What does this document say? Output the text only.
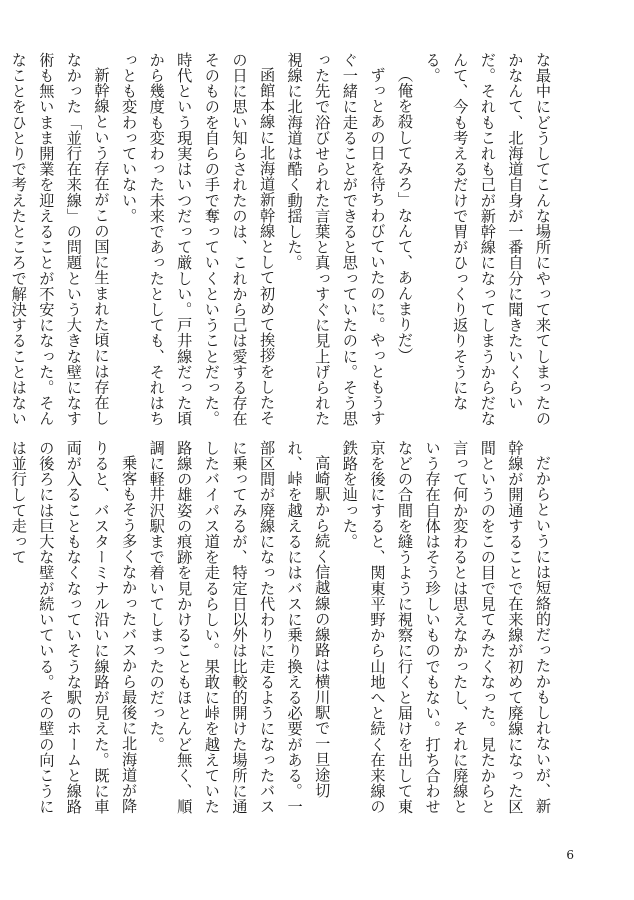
な最中にどうしてこんな場所にやって来てしまったのかなんて、北海道自身が一番自分に聞きたいくらいだ。それもこれも己が新幹線になってしまうからだなんて、今も考えるだけで胃がひっくり返りそうになる。

（俺を殺してみろ」なんて、あんまりだ）

ずっとあの日を待ちわびていたのに。やっともうすぐ一緒に走ることができると思っていたのに。そう思った先で浴びせられた言葉と真っすぐに見上げられた視線に北海道は酷く動揺した。

函館本線に北海道新幹線として初めて挨拶をしたその日に思い知らされたのは、これから己は愛する存在そのものを自らの手で奪っていくということだった。時代という現実はいつだって厳しい。戸井線だった頃から幾度も変わった未来であったとしても、それはちっとも変わっていない。

新幹線という存在がこの国に生まれた頃には存在しなかった「並行在来線」の問題という大きな壁になす術も無いまま開業を迎えることが不安になった。そんなことをひとりで考えたところで解決することはない

だからというには短絡的だったかもしれないが、新幹線が開通することで在来線が初めて廃線になった区間というのをこの目で見てみたくなった。見たからと言って何か変わるとは思えなかったし、それに廃線という存在自体はそう珍しいものでもない。打ち合わせなどの合間を縫うように視察に行くと届けを出して東京を後にすると、関東平野から山地へと続く在来線の鉄路を辿った。

高崎駅から続く信越線の線路は横川駅で一旦途切れ、峠を越えるにはバスに乗り換える必要がある。一部区間が廃線になった代わりに走るようになったバスに乗ってみるが、特定日以外は比較的開けた場所に通したバイパス道を走るらしい。果敢に峠を越えていた路線の雄姿の痕跡を見かけることもほとんど無く、順調に軽井沢駅まで着いてしまったのだった。

乗客もそう多くなかったバスから最後に北海道が降りると、バスターミナル沿いに線路が見えた。既に車両が入ることもなくなっていそうな駅のホームと線路の後ろには巨大な壁が続いている。その壁の向こうには並行して走って

6
